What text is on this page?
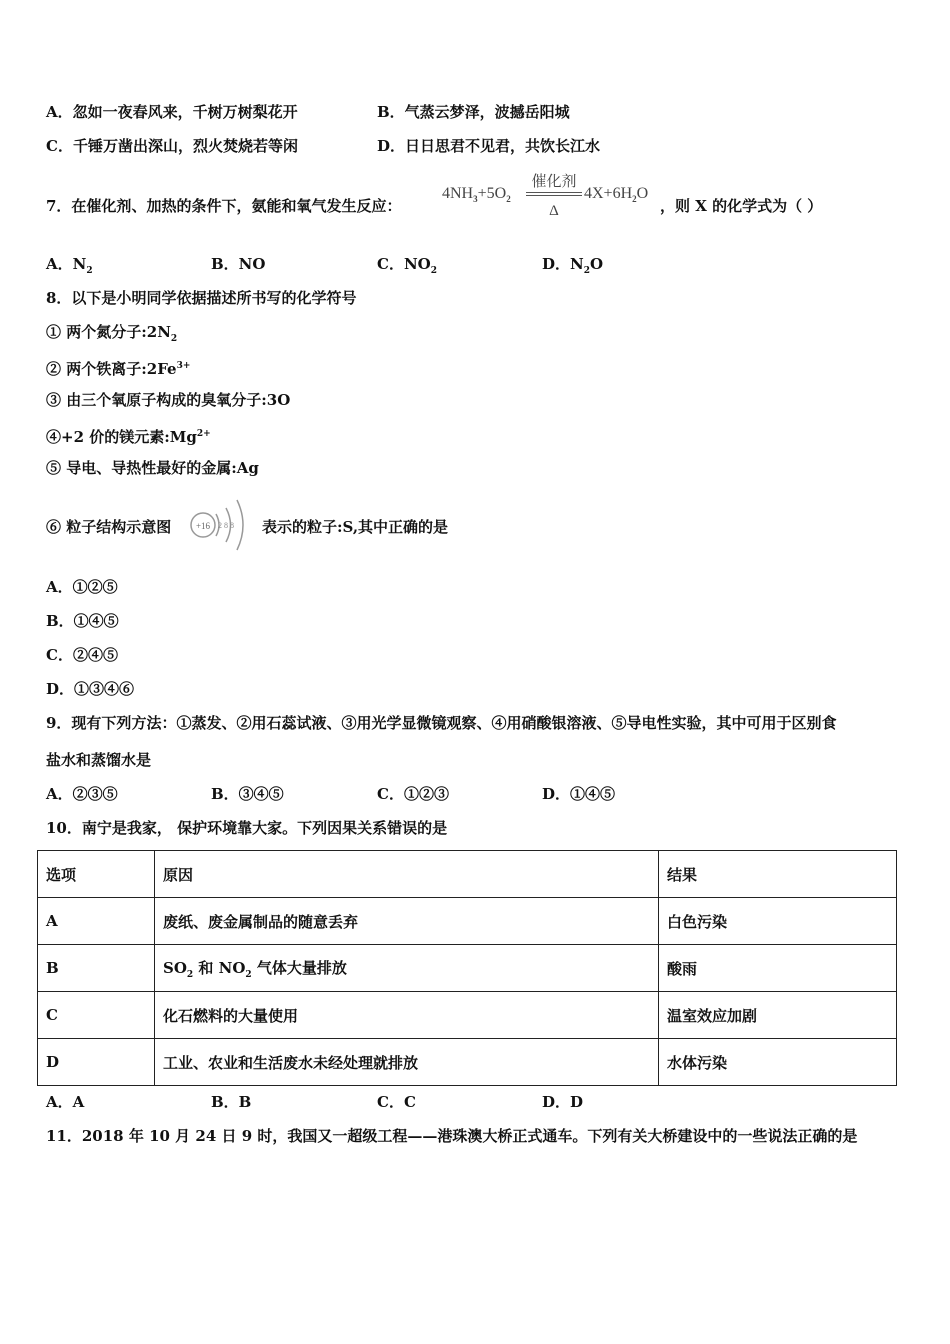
A．忽如一夜春风来，千树万树梨花开	B．气蒸云梦泽，波撼岳阳城
C．千锤万凿出深山，烈火焚烧若等闲	D．日日思君不见君，共饮长江水
7．在催化剂、加热的条件下，氨能和氧气发生反应：
$4NH_3+5O_2$
催化剂
Δ
$4X+6H_2O$
，则 X 的化学式为（ ）
A．$N_2$	B．NO	C．$NO_2$	D．$N_2O$
8．以下是小明同学依据描述所书写的化学符号
① 两个氮分子$:2N_2$
② 两个铁离子$:2Fe^{3+}$
③ 由三个氧原子构成的臭氧分子:3O
④+2 价的镁元素$:Mg^{2+}$
⑤ 导电、导热性最好的金属:Ag
⑥ 粒子结构示意图	+16 2 8 8 表示的粒子:S,其中正确的是
A．①②⑤
B．①④⑤
C．②④⑤
D．①③④⑥
9．现有下列方法：①蒸发、②用石蕊试液、③用光学显微镜观察、④用硝酸银溶液、⑤导电性实验，其中可用于区别食
盐水和蒸馏水是
A．②③⑤	B．③④⑤	C．①②③	D．①④⑤
10．南宁是我家， 保护环境靠大家。下列因果关系错误的是
选项	原因	结果
A	废纸、废金属制品的随意丢弃	白色污染
B	$SO_2$ 和 $NO_2$ 气体大量排放	酸雨
C	化石燃料的大量使用	温室效应加剧
D	工业、农业和生活废水未经处理就排放	水体污染
A．A	B．B	C．C	D．D
11．2018 年 10 月 24 日 9 时，我国又一超级工程——港珠澳大桥正式通车。下列有关大桥建设中的一些说法正确的是
